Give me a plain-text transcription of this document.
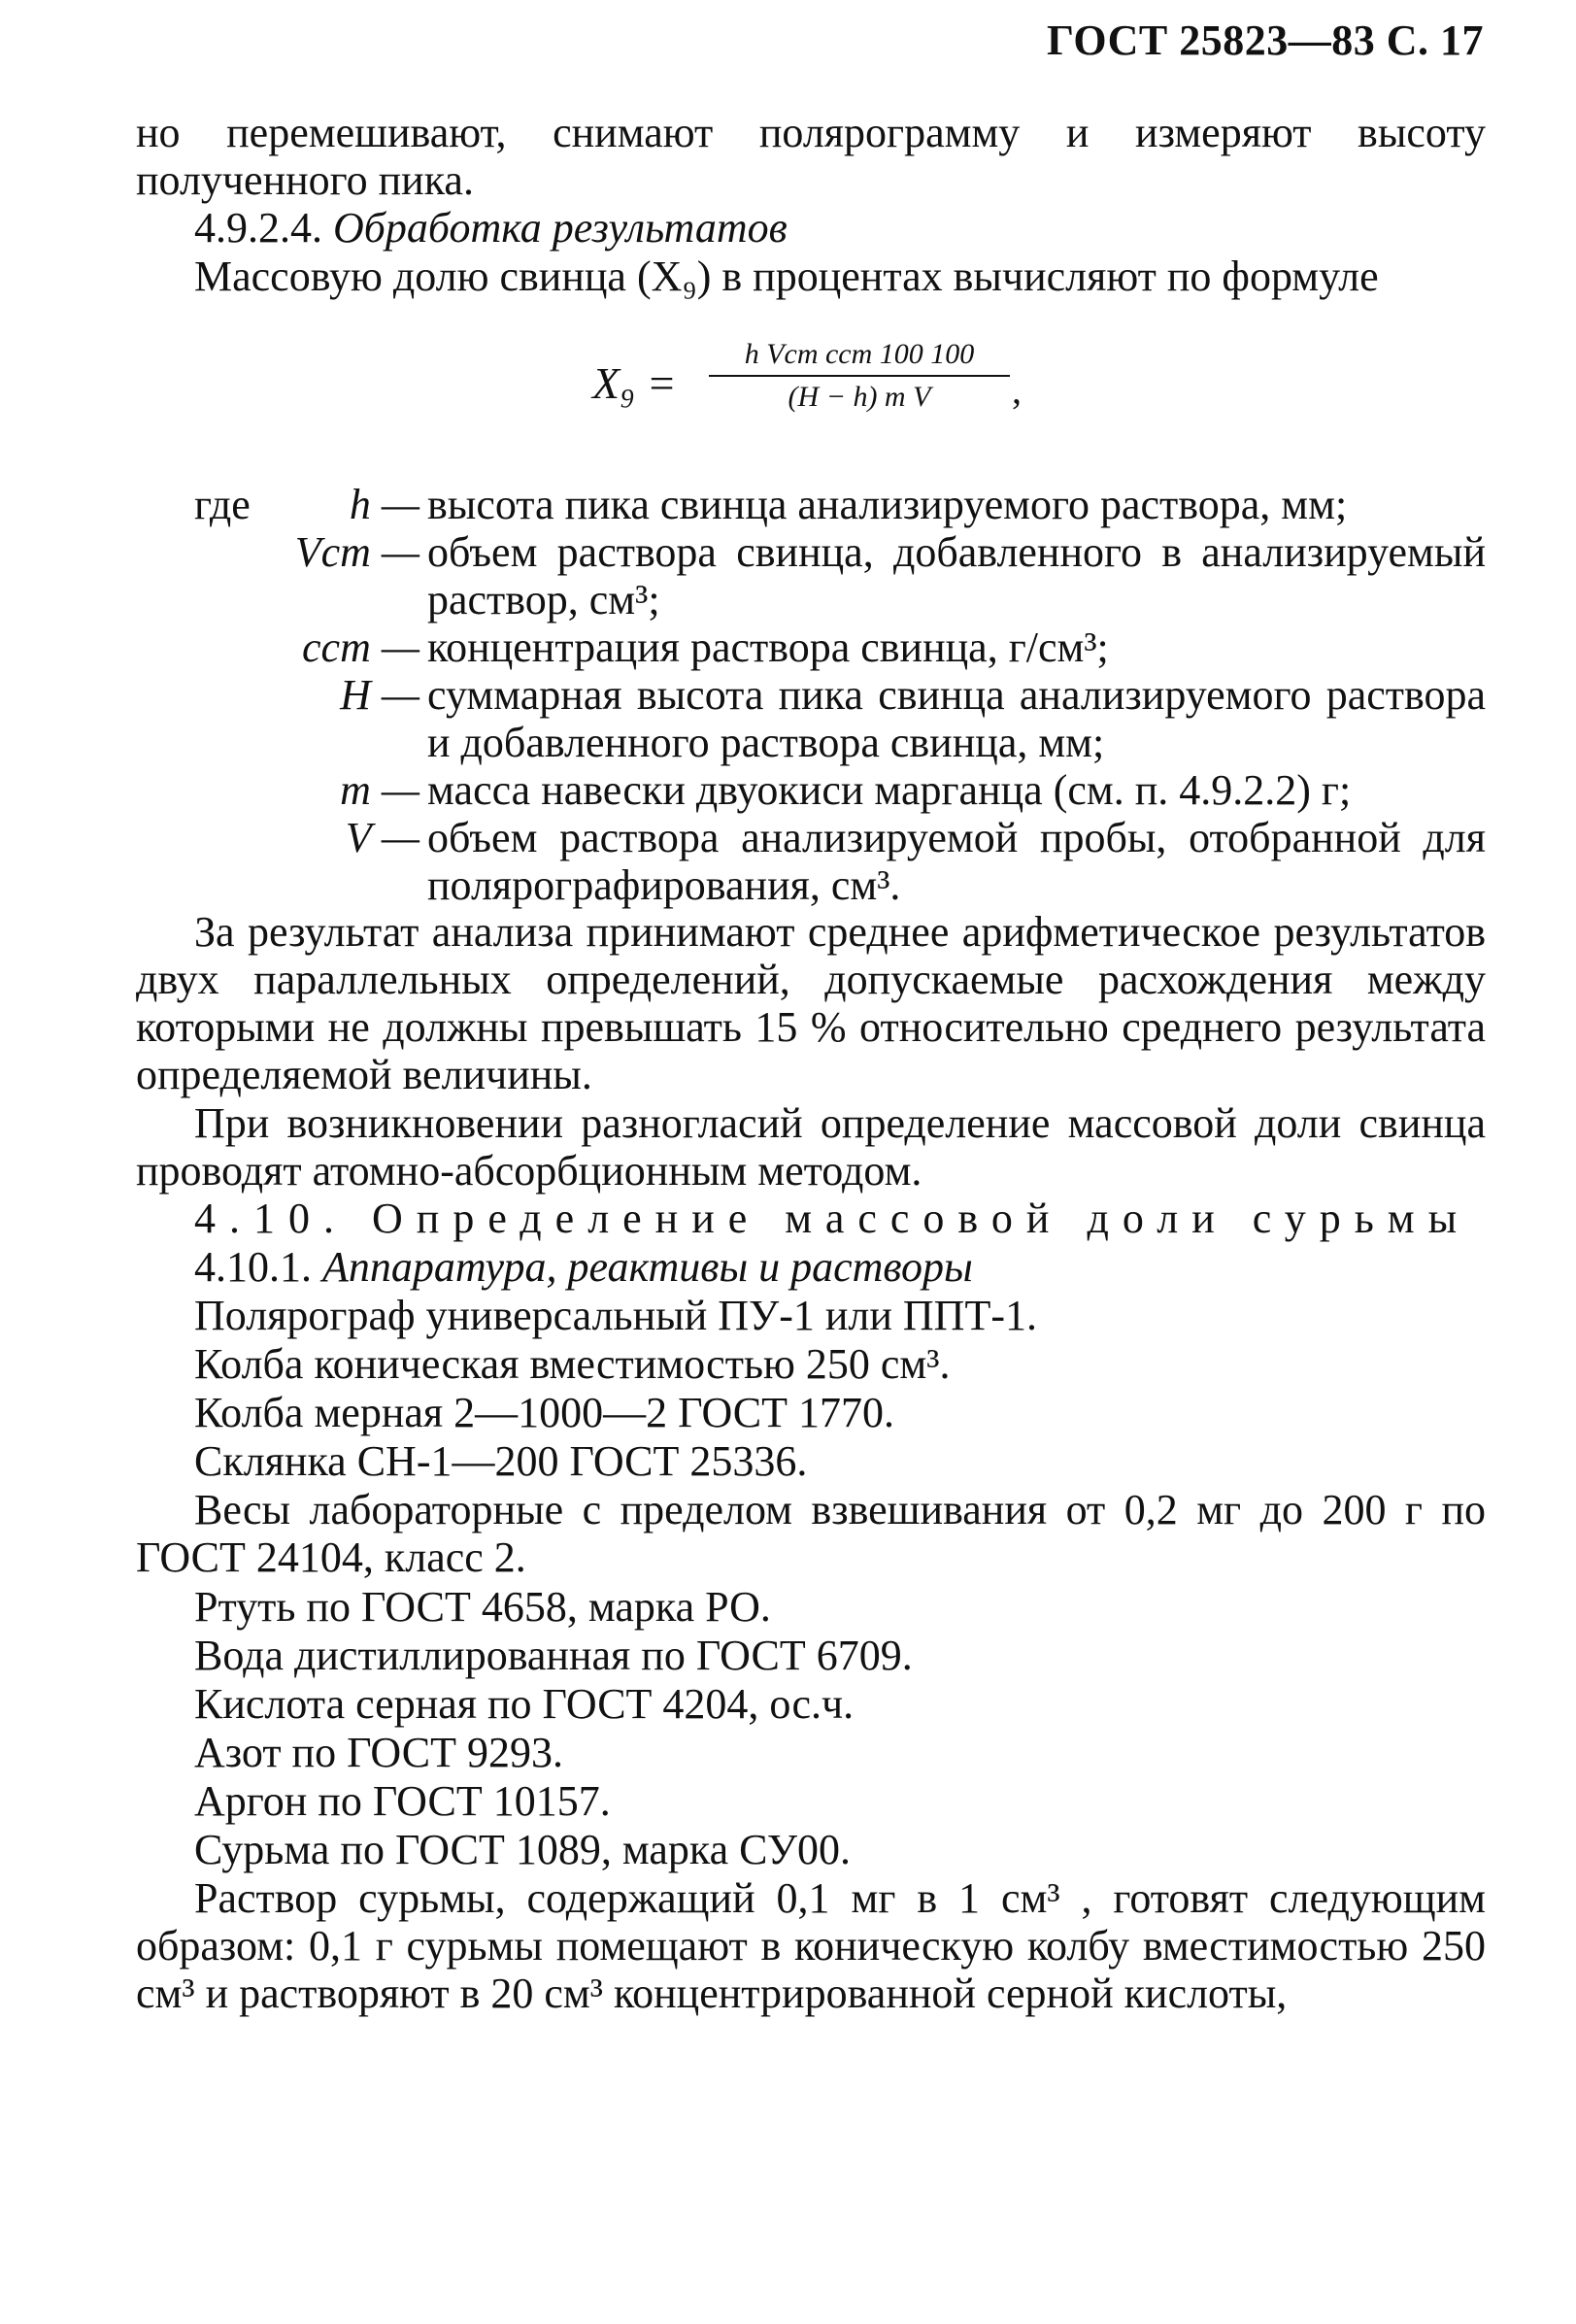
ГОСТ 25823—83 С. 17
но перемешивают, снимают полярограмму и измеряют высоту полученного пика.
4.9.2.4. Обработка результатов
Массовую долю свинца (X₉) в процентах вычисляют по формуле
X₉ =
h Vст cст 100 100
(H − h) m V	,
где	h — высота пика свинца анализируемого раствора, мм;
Vст — объем раствора свинца, добавленного в анализируемый раствор, см³;
cст — концентрация раствора свинца, г/см³;
H — суммарная высота пика свинца анализируемого раствора и добавленного раствора свинца, мм;
m — масса навески двуокиси марганца (см. п. 4.9.2.2) г;
V — объем раствора анализируемой пробы, отобранной для полярографирования, см³.
За результат анализа принимают среднее арифметическое результатов двух параллельных определений, допускаемые расхождения между которыми не должны превышать 15 % относительно среднего результата определяемой величины.
При возникновении разногласий определение массовой доли свинца проводят атомно-абсорбционным методом.
4.10. Определение массовой доли сурьмы
4.10.1. Аппаратура, реактивы и растворы
Полярограф универсальный ПУ-1 или ППТ-1.
Колба коническая вместимостью 250 см³.
Колба мерная 2—1000—2 ГОСТ 1770.
Склянка СН-1—200 ГОСТ 25336.
Весы лабораторные с пределом взвешивания от 0,2 мг до 200 г по ГОСТ 24104, класс 2.
Ртуть по ГОСТ 4658, марка РО.
Вода дистиллированная по ГОСТ 6709.
Кислота серная по ГОСТ 4204, ос.ч.
Азот по ГОСТ 9293.
Аргон по ГОСТ 10157.
Сурьма по ГОСТ 1089, марка СУ00.
Раствор сурьмы, содержащий 0,1 мг в 1 см³ , готовят следующим образом: 0,1 г сурьмы помещают в коническую колбу вместимостью 250 см³ и растворяют в 20 см³ концентрированной серной кислоты,
